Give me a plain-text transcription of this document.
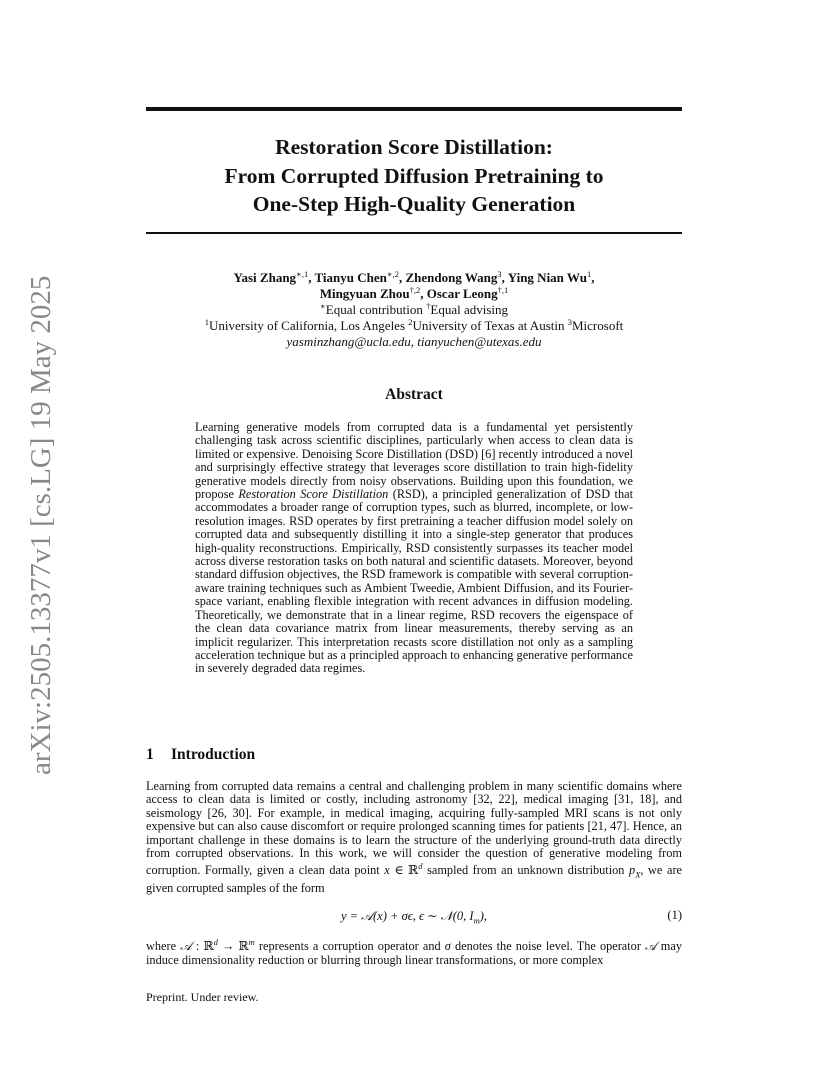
arXiv:2505.13377v1 [cs.LG] 19 May 2025
Restoration Score Distillation:
From Corrupted Diffusion Pretraining to
One-Step High-Quality Generation
Yasi Zhang$^{∗,1}$, Tianyu Chen$^{∗,2}$, Zhendong Wang$^3$, Ying Nian Wu$^1$,
Mingyuan Zhou$^{\dagger,2}$, Oscar Leong$^{\dagger,1}$
∗Equal contribution †Equal advising
$^1$University of California, Los Angeles $^2$University of Texas at Austin $^3$Microsoft
yasminzhang@ucla.edu, tianyuchen@utexas.edu
Abstract
Learning generative models from corrupted data is a fundamental yet persistently challenging task across scientific disciplines, particularly when access to clean data is limited or expensive. Denoising Score Distillation (DSD) [6] recently introduced a novel and surprisingly effective strategy that leverages score distillation to train high-fidelity generative models directly from noisy observations. Building upon this foundation, we propose Restoration Score Distillation (RSD), a principled generalization of DSD that accommodates a broader range of corruption types, such as blurred, incomplete, or low-resolution images. RSD operates by first pretraining a teacher diffusion model solely on corrupted data and subsequently distilling it into a single-step generator that produces high-quality reconstructions. Empirically, RSD consistently surpasses its teacher model across diverse restoration tasks on both natural and scientific datasets. Moreover, beyond standard diffusion objectives, the RSD framework is compatible with several corruption-aware training techniques such as Ambient Tweedie, Ambient Diffusion, and its Fourier-space variant, enabling flexible integration with recent advances in diffusion modeling. Theoretically, we demonstrate that in a linear regime, RSD recovers the eigenspace of the clean data covariance matrix from linear measurements, thereby serving as an implicit regularizer. This interpretation recasts score distillation not only as a sampling acceleration technique but as a principled approach to enhancing generative performance in severely degraded data regimes.
1 Introduction
Learning from corrupted data remains a central and challenging problem in many scientific domains where access to clean data is limited or costly, including astronomy [32, 22], medical imaging [31, 18], and seismology [26, 30]. For example, in medical imaging, acquiring fully-sampled MRI scans is not only expensive but can also cause discomfort or require prolonged scanning times for patients [21, 47]. Hence, an important challenge in these domains is to learn the structure of the underlying ground-truth data directly from corrupted observations. In this work, we will consider the question of generative modeling from corruption. Formally, given a clean data point x ∈ ℝ$^d$ sampled from an unknown distribution $p_X$, we are given corrupted samples of the form
y = 𝒜(x) + σϵ, ϵ ∼ 𝒩(0, $I_m$),	(1)
where 𝒜 : ℝ$^d$ → ℝ$^m$ represents a corruption operator and σ denotes the noise level. The operator 𝒜 may induce dimensionality reduction or blurring through linear transformations, or more complex
Preprint. Under review.
